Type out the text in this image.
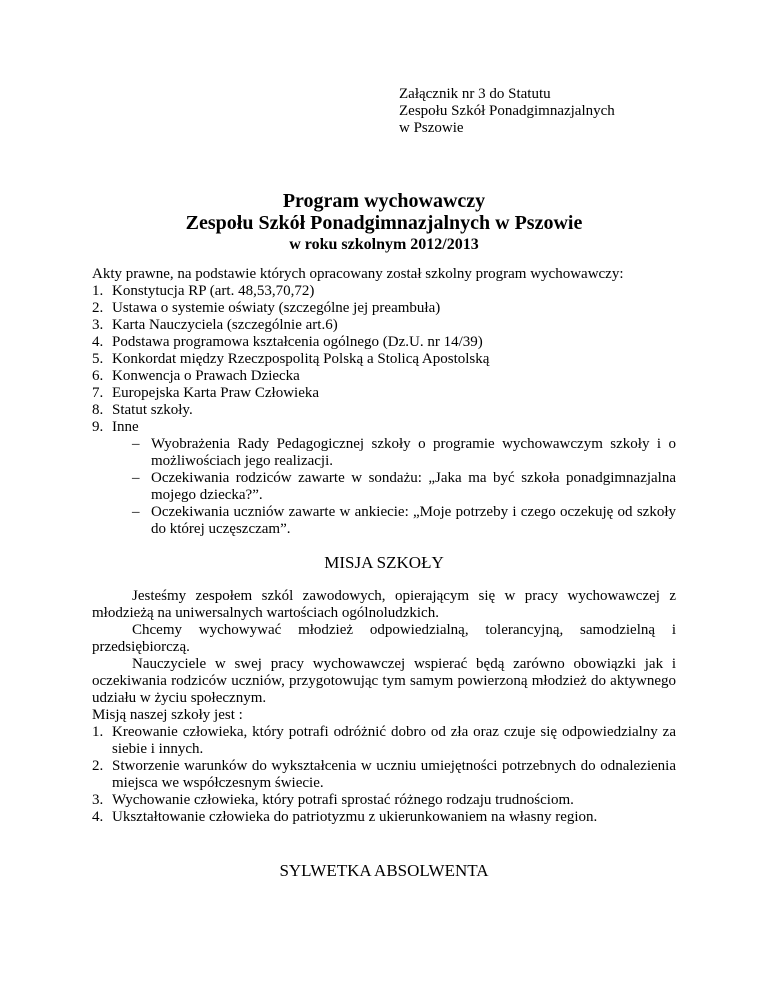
Załącznik nr 3 do Statutu
Zespołu Szkół Ponadgimnazjalnych
w Pszowie
Program wychowawczy
Zespołu Szkół Ponadgimnazjalnych w Pszowie
w roku szkolnym 2012/2013
Akty prawne, na podstawie których opracowany został szkolny program wychowawczy:
1. Konstytucja RP (art. 48,53,70,72)
2. Ustawa o systemie oświaty (szczególne jej preambuła)
3. Karta Nauczyciela (szczególnie art.6)
4. Podstawa programowa kształcenia ogólnego (Dz.U. nr 14/39)
5. Konkordat między Rzeczpospolitą Polską a Stolicą Apostolską
6. Konwencja o Prawach Dziecka
7. Europejska Karta Praw Człowieka
8. Statut szkoły.
9. Inne
– Wyobrażenia Rady Pedagogicznej szkoły o programie wychowawczym szkoły i o możliwościach jego realizacji.
– Oczekiwania rodziców zawarte w sondażu: „Jaka ma być szkoła ponadgimnazjalna mojego dziecka?”.
– Oczekiwania uczniów zawarte w ankiecie: „Moje potrzeby i czego oczekuję od szkoły do której uczęszczam”.
MISJA SZKOŁY
Jesteśmy zespołem szkól zawodowych, opierającym się w pracy wychowawczej z młodzieżą na uniwersalnych wartościach ogólnoludzkich.
Chcemy wychowywać młodzież odpowiedzialną, tolerancyjną, samodzielną i przedsiębiorczą.
Nauczyciele w swej pracy wychowawczej wspierać będą zarówno obowiązki jak i oczekiwania rodziców uczniów, przygotowując tym samym powierzoną młodzież do aktywnego udziału w życiu społecznym.
Misją naszej szkoły jest :
1. Kreowanie człowieka, który potrafi odróżnić dobro od zła oraz czuje się odpowiedzialny za siebie i innych.
2. Stworzenie warunków do wykształcenia w uczniu umiejętności potrzebnych do odnalezienia miejsca we współczesnym świecie.
3. Wychowanie człowieka, który potrafi sprostać różnego rodzaju trudnościom.
4. Ukształtowanie człowieka do patriotyzmu z ukierunkowaniem na własny region.
SYLWETKA ABSOLWENTA
